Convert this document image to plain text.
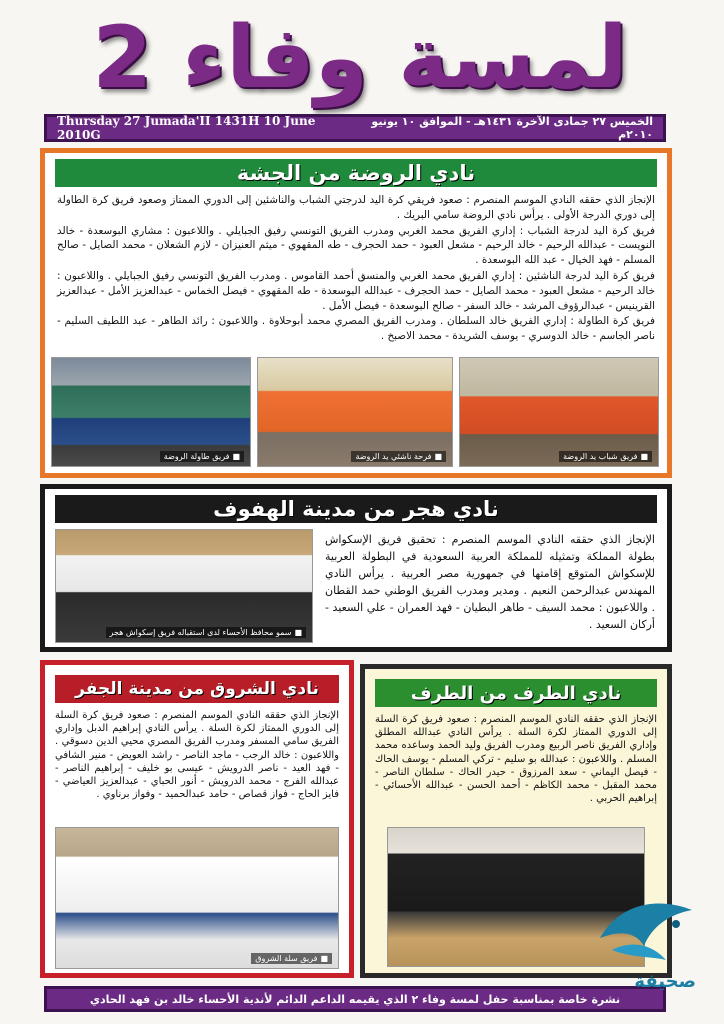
لمسة وفاء 2
Thursday 27 Jumada'II 1431H 10 June 2010G
الخميس ٢٧ جمادى الآخرة ١٤٣١هـ - الموافق ١٠ يونيو ٢٠١٠م
نادي الروضة من الجشة

الإنجاز الذي حققه النادي الموسم المنصرم : صعود فريقي كرة اليد لدرجتي الشباب والناشئين إلى الدوري الممتاز وصعود فريق كرة الطاولة إلى دوري الدرجة الأولى . يرأس نادي الروضة سامي البريك .

فريق كرة اليد لدرجة الشباب : إداري الفريق محمد الغربي ومدرب الفريق التونسي رفيق الجبايلي . واللاعبون : مشاري البوسعدة - خالد النويست - عبدالله الرحيم - خالد الرحيم - مشعل العبود - حمد الحجرف - طه المقهوي - ميثم العنيزان - لازم الشعلان - محمد الصايل - صالح المسلم - فهد الخيال - عبد الله البوسعدة .

فريق كرة اليد لدرجة الناشئين : إداري الفريق محمد الغربي والمنسق أحمد القاموس . ومدرب الفريق التونسي رفيق الجبايلي . واللاعبون : خالد الرحيم - مشعل العبود - محمد الصايل - حمد الحجرف - عبدالله البوسعدة - طه المقهوي - فيصل الخماس - عبدالعزيز الأمل - عبدالعزيز القرينيس - عبدالرؤوف المرشد - خالد السفر - صالح البوسعدة - فيصل الأمل .

فريق كرة الطاولة : إداري الفريق خالد السلطان . ومدرب الفريق المصري محمد أبوحلاوة . واللاعبون : رائد الطاهر - عبد اللطيف السليم - ناصر الجاسم - خالد الدوسري - يوسف الشريدة - محمد الاصبخ .

■ فريق شباب يد الروضة
■ فرحة ناشئي يد الروضة
■ فريق طاولة الروضة
نادي هجر من مدينة الهفوف

الإنجاز الذي حققه النادي الموسم المنصرم : تحقيق فريق الإسكواش بطولة المملكة وتمثيله للمملكة العربية السعودية في البطولة العربية للإسكواش المتوقع إقامتها في جمهورية مصر العربية . يرأس النادي المهندس عبدالرحمن النعيم . ومدير ومدرب الفريق الوطني حمد القطان . واللاعبون : محمد السيف - طاهر البطيان - فهد العمران - علي السعيد - أركان السعيد .

■ سمو محافظ الأحساء لدى استقباله فريق إسكواش هجر
نادي الشروق من مدينة الجفر

الإنجاز الذي حققه النادي الموسم المنصرم : صعود فريق كرة السلة إلى الدوري الممتاز لكرة السلة . يرأس النادي إبراهيم الدبل وإداري الفريق سامي المسفر ومدرب الفريق المصري محيي الدين دسوقي . واللاعبون : خالد الرجب - ماجد الناصر - راشد العويض - منير الشافي - فهد العيد - ناصر الدرويش - عيسى بو خليف - إبراهيم الناصر - عبدالله الفرج - محمد الدرويش - أنور الحباي - عبدالعزيز العياضي - فايز الحاج - فواز قصاص - حامد عبدالحميد - وفواز برناوي .

■ فريق سلة الشروق
نادي الطرف من الطرف

الإنجاز الذي حققه النادي الموسم المنصرم : صعود فريق كرة السلة إلى الدوري الممتاز لكرة السلة . يرأس النادي عبدالله المطلق وإداري الفريق ناصر الربيع ومدرب الفريق وليد الحمد وساعده محمد المسلم . واللاعبون : عبدالله بو سليم - تركي المسلم - يوسف الحاك - فيصل اليماني - سعد المرزوق - حيدر الحاك - سلطان الناصر - محمد المقبل - محمد الكاظم - أحمد الحسن - عبدالله الأحسائي - إبراهيم الحربي .

نشرة خاصة بمناسبة حفل لمسة وفاء ٢ الذي يقيمه الداعم الدائم لأندية الأحساء خالد بن فهد الحادي
صحيفة
